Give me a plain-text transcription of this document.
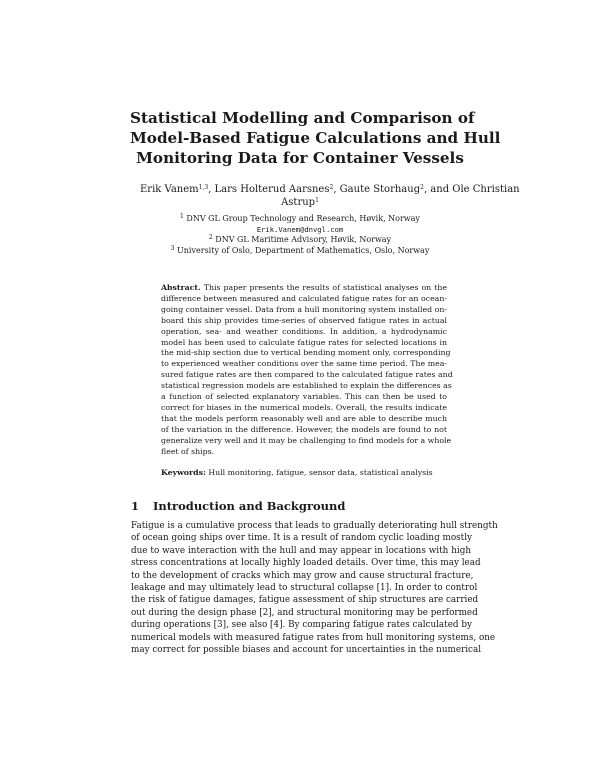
Statistical Modelling and Comparison of
Model-Based Fatigue Calculations and Hull
Monitoring Data for Container Vessels
Erik Vanem$^{1,3}$, Lars Holterud Aarsnes$^2$, Gaute Storhaug$^2$, and Ole Christian
Astrup$^1$
$^1$ DNV GL Group Technology and Research, Høvik, Norway
Erik.Vanem@dnvgl.com
$^2$ DNV GL Maritime Advisory, Høvik, Norway
$^3$ University of Oslo, Department of Mathematics, Oslo, Norway
Abstract. This paper presents the results of statistical analyses on the
difference between measured and calculated fatigue rates for an ocean-
going container vessel. Data from a hull monitoring system installed on-
board this ship provides time-series of observed fatigue rates in actual
operation, sea- and weather conditions. In addition, a hydrodynamic
model has been used to calculate fatigue rates for selected locations in
the mid-ship section due to vertical bending moment only, corresponding
to experienced weather conditions over the same time period. The mea-
sured fatigue rates are then compared to the calculated fatigue rates and
statistical regression models are established to explain the differences as
a function of selected explanatory variables. This can then be used to
correct for biases in the numerical models. Overall, the results indicate
that the models perform reasonably well and are able to describe much
of the variation in the difference. However, the models are found to not
generalize very well and it may be challenging to find models for a whole
fleet of ships.
Keywords: Hull monitoring, fatigue, sensor data, statistical analysis
1 Introduction and Background
Fatigue is a cumulative process that leads to gradually deteriorating hull strength
of ocean going ships over time. It is a result of random cyclic loading mostly
due to wave interaction with the hull and may appear in locations with high
stress concentrations at locally highly loaded details. Over time, this may lead
to the development of cracks which may grow and cause structural fracture,
leakage and may ultimately lead to structural collapse [1]. In order to control
the risk of fatigue damages, fatigue assessment of ship structures are carried
out during the design phase [2], and structural monitoring may be performed
during operations [3], see also [4]. By comparing fatigue rates calculated by
numerical models with measured fatigue rates from hull monitoring systems, one
may correct for possible biases and account for uncertainties in the numerical
